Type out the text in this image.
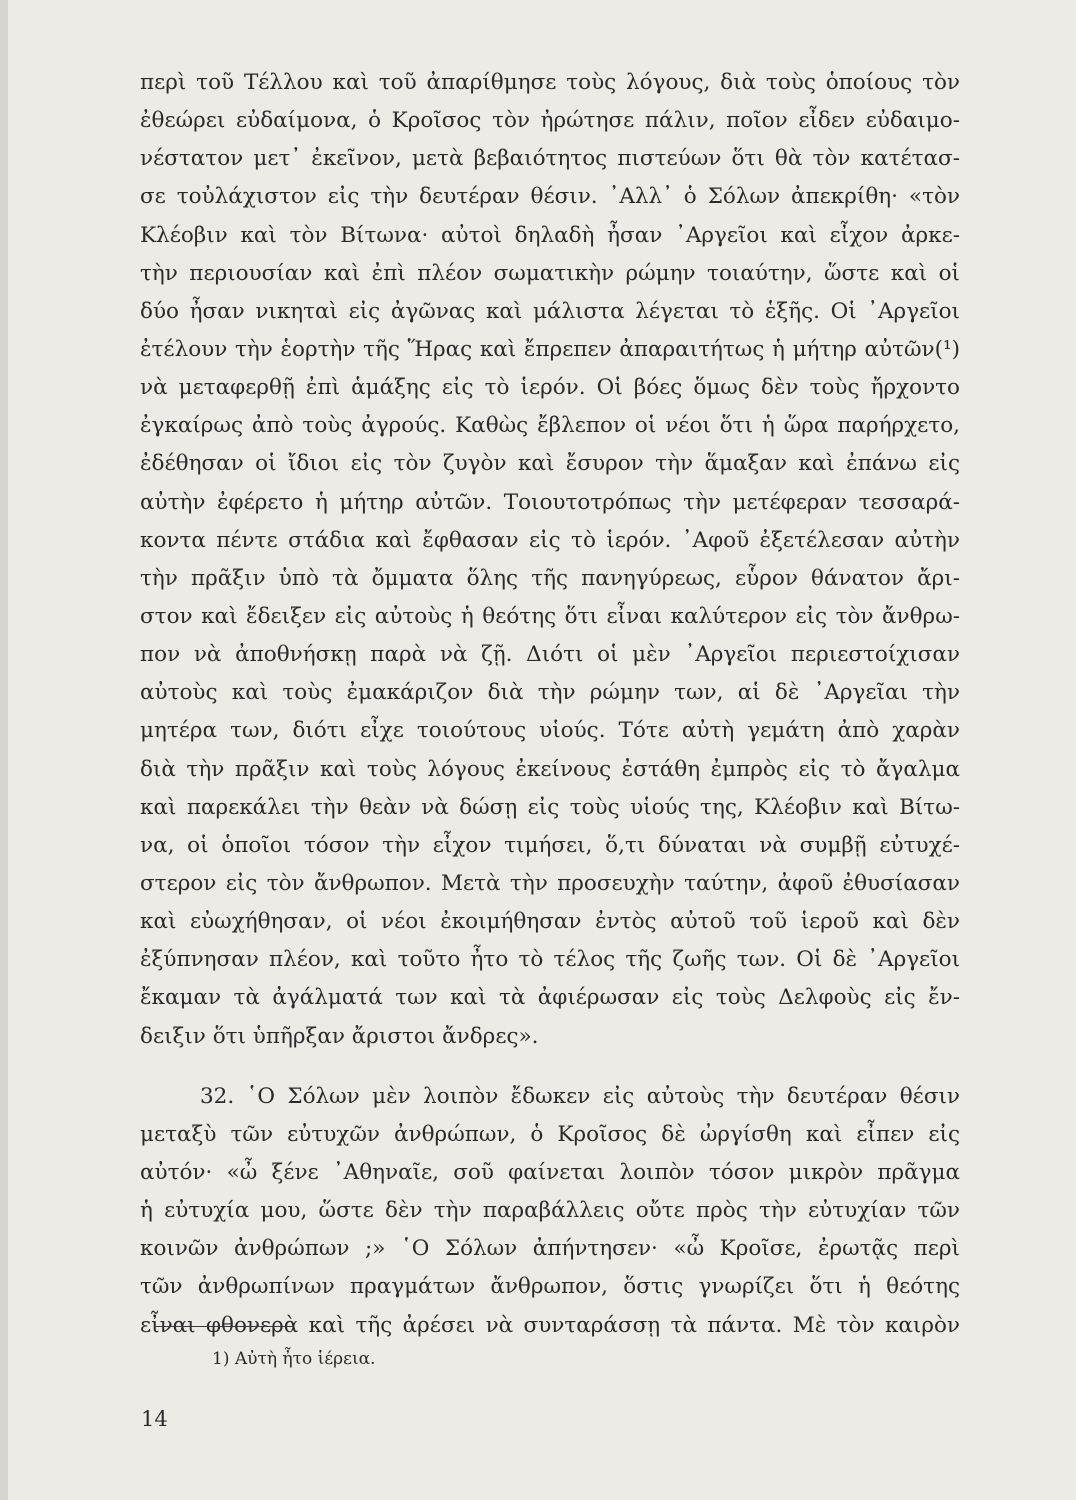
περὶ τοῦ Τέλλου καὶ τοῦ ἀπαρίθμησε τοὺς λόγους, διὰ τοὺς ὁποίους τὸν
ἐθεώρει εὐδαίμονα, ὁ Κροῖσος τὸν ἠρώτησε πάλιν, ποῖον εἶδεν εὐδαιμο-
νέστατον μετ᾽ ἐκεῖνον, μετὰ βεβαιότητος πιστεύων ὅτι θὰ τὸν κατέτασ-
σε τοὐλάχιστον εἰς τὴν δευτέραν θέσιν. ᾿Αλλ᾽ ὁ Σόλων ἀπεκρίθη· «τὸν
Κλέοβιν καὶ τὸν Βίτωνα· αὐτοὶ δηλαδὴ ἦσαν ᾿Αργεῖοι καὶ εἶχον ἀρκε-
τὴν περιουσίαν καὶ ἐπὶ πλέον σωματικὴν ρώμην τοιαύτην, ὥστε καὶ οἱ
δύο ἦσαν νικηταὶ εἰς ἀγῶνας καὶ μάλιστα λέγεται τὸ ἑξῆς. Οἱ ᾿Αργεῖοι
ἐτέλουν τὴν ἑορτὴν τῆς Ἥρας καὶ ἔπρεπεν ἀπαραιτήτως ἡ μήτηρ αὐτῶν(¹)
νὰ μεταφερθῇ ἐπὶ ἁμάξης εἰς τὸ ἱερόν. Οἱ βόες ὅμως δὲν τοὺς ἤρχοντο
ἐγκαίρως ἀπὸ τοὺς ἀγρούς. Καθὼς ἔβλεπον οἱ νέοι ὅτι ἡ ὥρα παρήρχετο,
ἐδέθησαν οἱ ἴδιοι εἰς τὸν ζυγὸν καὶ ἔσυρον τὴν ἅμαξαν καὶ ἐπάνω εἰς
αὐτὴν ἐφέρετο ἡ μήτηρ αὐτῶν. Τοιουτοτρόπως τὴν μετέφεραν τεσσαρά-
κοντα πέντε στάδια καὶ ἔφθασαν εἰς τὸ ἱερόν. ᾿Αφοῦ ἐξετέλεσαν αὐτὴν
τὴν πρᾶξιν ὑπὸ τὰ ὄμματα ὅλης τῆς πανηγύρεως, εὗρον θάνατον ἄρι-
στον καὶ ἔδειξεν εἰς αὐτοὺς ἡ θεότης ὅτι εἶναι καλύτερον εἰς τὸν ἄνθρω-
πον νὰ ἀποθνήσκῃ παρὰ νὰ ζῇ. Διότι οἱ μὲν ᾿Αργεῖοι περιεστοίχισαν
αὐτοὺς καὶ τοὺς ἐμακάριζον διὰ τὴν ρώμην των, αἱ δὲ ᾿Αργεῖαι τὴν
μητέρα των, διότι εἶχε τοιούτους υἱούς. Τότε αὐτὴ γεμάτη ἀπὸ χαρὰν
διὰ τὴν πρᾶξιν καὶ τοὺς λόγους ἐκείνους ἐστάθη ἐμπρὸς εἰς τὸ ἄγαλμα
καὶ παρεκάλει τὴν θεὰν νὰ δώσῃ εἰς τοὺς υἱούς της, Κλέοβιν καὶ Βίτω-
να, οἱ ὁποῖοι τόσον τὴν εἶχον τιμήσει, ὅ,τι δύναται νὰ συμβῇ εὐτυχέ-
στερον εἰς τὸν ἄνθρωπον. Μετὰ τὴν προσευχὴν ταύτην, ἀφοῦ ἐθυσίασαν
καὶ εὐωχήθησαν, οἱ νέοι ἐκοιμήθησαν ἐντὸς αὐτοῦ τοῦ ἱεροῦ καὶ δὲν
ἐξύπνησαν πλέον, καὶ τοῦτο ἦτο τὸ τέλος τῆς ζωῆς των. Οἱ δὲ ᾿Αργεῖοι
ἔκαμαν τὰ ἀγάλματά των καὶ τὰ ἀφιέρωσαν εἰς τοὺς Δελφοὺς εἰς ἔν-
δειξιν ὅτι ὑπῆρξαν ἄριστοι ἄνδρες».
32. ῾Ο Σόλων μὲν λοιπὸν ἔδωκεν εἰς αὐτοὺς τὴν δευτέραν θέσιν
μεταξὺ τῶν εὐτυχῶν ἀνθρώπων, ὁ Κροῖσος δὲ ὠργίσθη καὶ εἶπεν εἰς
αὐτόν· «ὦ ξένε ᾿Αθηναῖε, σοῦ φαίνεται λοιπὸν τόσον μικρὸν πρᾶγμα
ἡ εὐτυχία μου, ὥστε δὲν τὴν παραβάλλεις οὔτε πρὸς τὴν εὐτυχίαν τῶν
κοινῶν ἀνθρώπων ;» ῾Ο Σόλων ἀπήντησεν· «ὦ Κροῖσε, ἐρωτᾷς περὶ
τῶν ἀνθρωπίνων πραγμάτων ἄνθρωπον, ὅστις γνωρίζει ὅτι ἡ θεότης
εἶναι φθονερὰ καὶ τῆς ἀρέσει νὰ συνταράσσῃ τὰ πάντα. Μὲ τὸν καιρὸν
1) Αὐτὴ ἦτο ἱέρεια.
14
